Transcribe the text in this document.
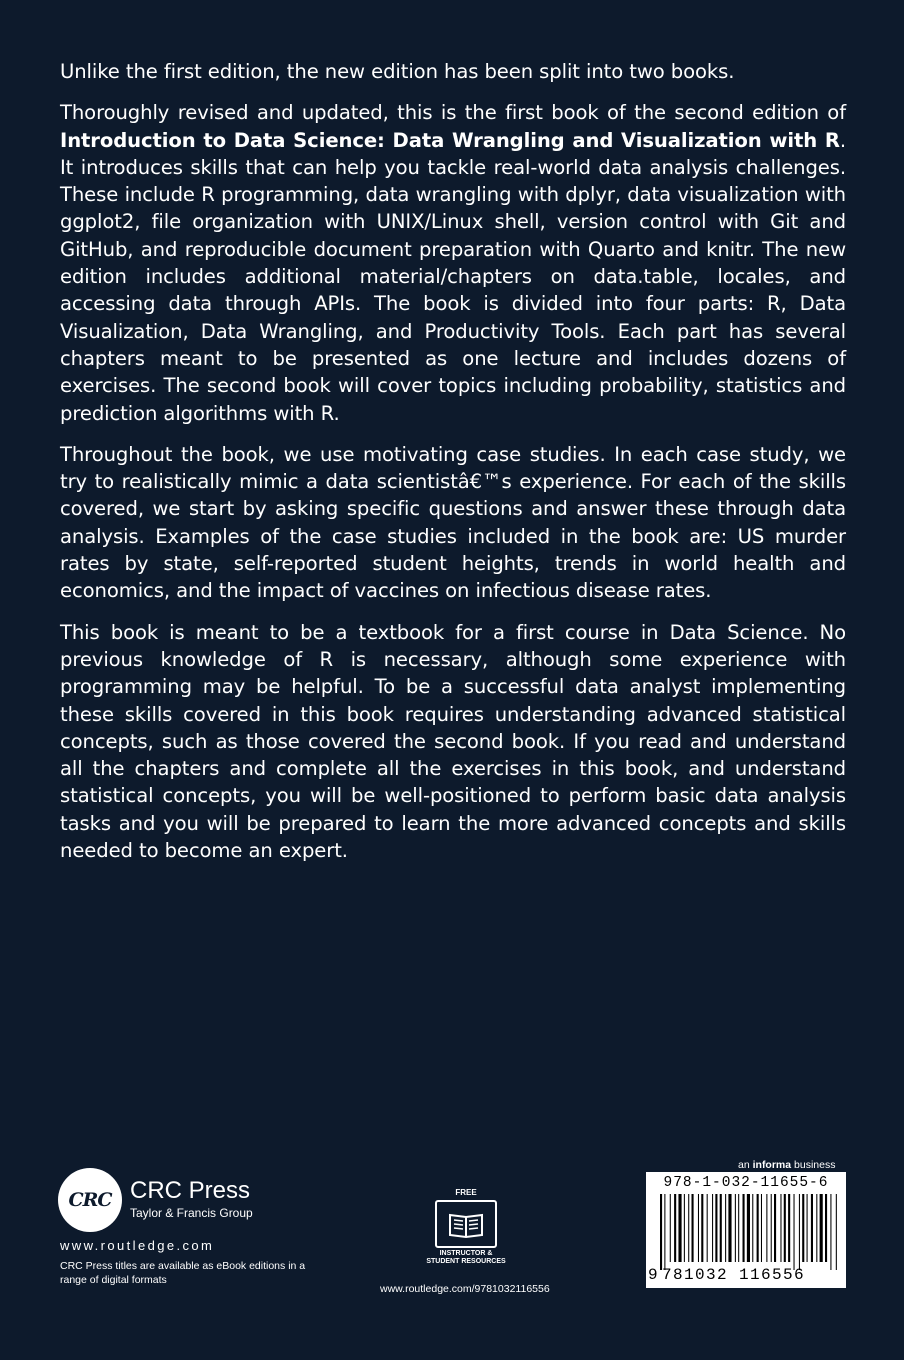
Unlike the first edition, the new edition has been split into two books.

Thoroughly revised and updated, this is the first book of the second edition of Introduction to Data Science: Data Wrangling and Visualization with R. It introduces skills that can help you tackle real-world data analysis challenges. These include R programming, data wrangling with dplyr, data visualization with ggplot2, file organization with UNIX/Linux shell, version control with Git and GitHub, and reproducible document preparation with Quarto and knitr. The new edition includes additional material/chapters on data.table, locales, and accessing data through APIs. The book is divided into four parts: R, Data Visualization, Data Wrangling, and Productivity Tools. Each part has several chapters meant to be presented as one lecture and includes dozens of exercises. The second book will cover topics including probability, statistics and prediction algorithms with R.

Throughout the book, we use motivating case studies. In each case study, we try to realistically mimic a data scientistâ€™s experience. For each of the skills covered, we start by asking specific questions and answer these through data analysis. Examples of the case studies included in the book are: US murder rates by state, self-reported student heights, trends in world health and economics, and the impact of vaccines on infectious disease rates.

This book is meant to be a textbook for a first course in Data Science. No previous knowledge of R is necessary, although some experience with programming may be helpful. To be a successful data analyst implementing these skills covered in this book requires understanding advanced statistical concepts, such as those covered the second book. If you read and understand all the chapters and complete all the exercises in this book, and understand statistical concepts, you will be well-positioned to perform basic data analysis tasks and you will be prepared to learn the more advanced concepts and skills needed to become an expert.

CRC CRC Press
Taylor & Francis Group
www.routledge.com
CRC Press titles are available as eBook editions in a range of digital formats
FREE
INSTRUCTOR & STUDENT RESOURCES
www.routledge.com/9781032116556
an informa business
978-1-032-11655-6
9 781032 116556
